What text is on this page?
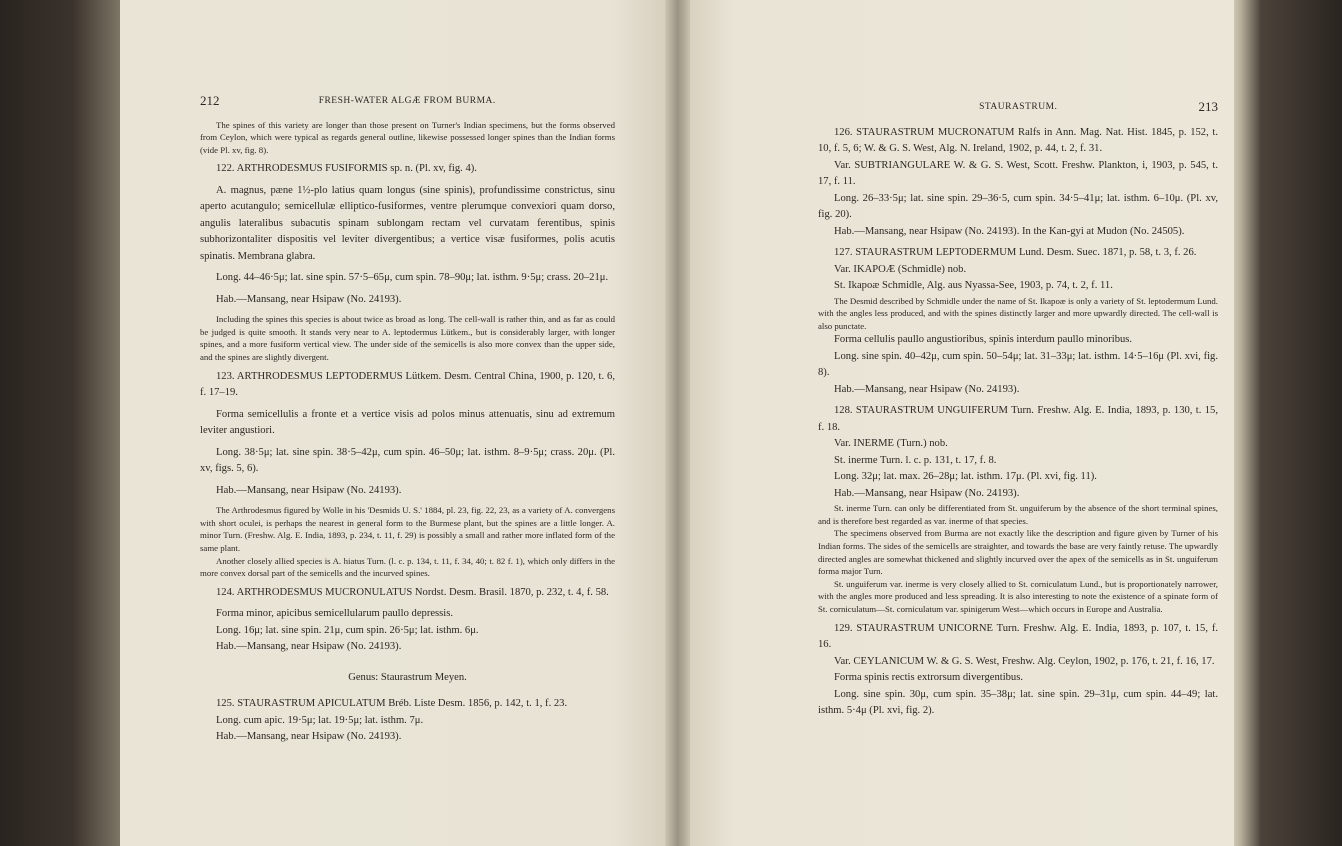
212	FRESH-WATER ALGÆ FROM BURMA.

The spines of this variety are longer than those present on Turner's Indian specimens, but the forms observed from Ceylon, which were typical as regards general outline, likewise possessed longer spines than the Indian forms (vide Pl. xv, fig. 8).

122. ARTHRODESMUS FUSIFORMIS sp. n. (Pl. xv, fig. 4).

A. magnus, pæne 1½-plo latius quam longus (sine spinis), profundissime constrictus, sinu aperto acutangulo; semicellulæ elliptico-fusiformes, ventre plerumque convexiori quam dorso, angulis lateralibus subacutis spinam sublongam rectam vel curvatam ferentibus, spinis subhorizontaliter dispositis vel leviter divergentibus; a vertice visæ fusiformes, polis acutis spinatis. Membrana glabra.

Long. 44–46·5μ; lat. sine spin. 57·5–65μ, cum spin. 78–90μ; lat. isthm. 9·5μ; crass. 20–21μ.

Hab.—Mansang, near Hsipaw (No. 24193).

Including the spines this species is about twice as broad as long. The cell-wall is rather thin, and as far as could be judged is quite smooth. It stands very near to A. leptodermus Lütkem., but is considerably larger, with longer spines, and a more fusiform vertical view. The under side of the semicells is also more convex than the upper side, and the spines are slightly divergent.

123. ARTHRODESMUS LEPTODERMUS Lütkem. Desm. Central China, 1900, p. 120, t. 6, f. 17–19.

Forma semicellulis a fronte et a vertice visis ad polos minus attenuatis, sinu ad extremum leviter angustiori.

Long. 38·5μ; lat. sine spin. 38·5–42μ, cum spin. 46–50μ; lat. isthm. 8–9·5μ; crass. 20μ. (Pl. xv, figs. 5, 6).

Hab.—Mansang, near Hsipaw (No. 24193).

The Arthrodesmus figured by Wolle in his 'Desmids U. S.' 1884, pl. 23, fig. 22, 23, as a variety of A. convergens with short oculei, is perhaps the nearest in general form to the Burmese plant, but the spines are a little longer. A. minor Turn. (Freshw. Alg. E. India, 1893, p. 234, t. 11, f. 29) is possibly a small and rather more inflated form of the same plant.

Another closely allied species is A. hiatus Turn. (l. c. p. 134, t. 11, f. 34, 40; t. 82 f. 1), which only differs in the more convex dorsal part of the semicells and the incurved spines.

124. ARTHRODESMUS MUCRONULATUS Nordst. Desm. Brasil. 1870, p. 232, t. 4, f. 58.

Forma minor, apicibus semicellularum paullo depressis.

Long. 16μ; lat. sine spin. 21μ, cum spin. 26·5μ; lat. isthm. 6μ.

Hab.—Mansang, near Hsipaw (No. 24193).

Genus: Staurastrum Meyen.

125. STAURASTRUM APICULATUM Bréb. Liste Desm. 1856, p. 142, t. 1, f. 23.

Long. cum apic. 19·5μ; lat. 19·5μ; lat. isthm. 7μ.

Hab.—Mansang, near Hsipaw (No. 24193).

STAURASTRUM.	213

126. STAURASTRUM MUCRONATUM Ralfs in Ann. Mag. Nat. Hist. 1845, p. 152, t. 10, f. 5, 6; W. & G. S. West, Alg. N. Ireland, 1902, p. 44, t. 2, f. 31.

Var. SUBTRIANGULARE W. & G. S. West, Scott. Freshw. Plankton, i, 1903, p. 545, t. 17, f. 11.

Long. 26–33·5μ; lat. sine spin. 29–36·5, cum spin. 34·5–41μ; lat. isthm. 6–10μ. (Pl. xv, fig. 20).

Hab.—Mansang, near Hsipaw (No. 24193). In the Kan-gyi at Mudon (No. 24505).

127. STAURASTRUM LEPTODERMUM Lund. Desm. Suec. 1871, p. 58, t. 3, f. 26.

Var. IKAPOÆ (Schmidle) nob.

St. Ikapoæ Schmidle, Alg. aus Nyassa-See, 1903, p. 74, t. 2, f. 11.

The Desmid described by Schmidle under the name of St. Ikapoæ is only a variety of St. leptodermum Lund. with the angles less produced, and with the spines distinctly larger and more upwardly directed. The cell-wall is also punctate.

Forma cellulis paullo angustioribus, spinis interdum paullo minoribus.

Long. sine spin. 40–42μ, cum spin. 50–54μ; lat. 31–33μ; lat. isthm. 14·5–16μ (Pl. xvi, fig. 8).

Hab.—Mansang, near Hsipaw (No. 24193).

128. STAURASTRUM UNGUIFERUM Turn. Freshw. Alg. E. India, 1893, p. 130, t. 15, f. 18.

Var. INERME (Turn.) nob.

St. inerme Turn. l. c. p. 131, t. 17, f. 8.

Long. 32μ; lat. max. 26–28μ; lat. isthm. 17μ. (Pl. xvi, fig. 11).

Hab.—Mansang, near Hsipaw (No. 24193).

St. inerme Turn. can only be differentiated from St. unguiferum by the absence of the short terminal spines, and is therefore best regarded as var. inerme of that species.

The specimens observed from Burma are not exactly like the description and figure given by Turner of his Indian forms. The sides of the semicells are straighter, and towards the base are very faintly retuse. The upwardly directed angles are somewhat thickened and slightly incurved over the apex of the semicells as in St. unguiferum forma major Turn.

St. unguiferum var. inerme is very closely allied to St. corniculatum Lund., but is proportionately narrower, with the angles more produced and less spreading. It is also interesting to note the existence of a spinate form of St. corniculatum—St. corniculatum var. spinigerum West—which occurs in Europe and Australia.

129. STAURASTRUM UNICORNE Turn. Freshw. Alg. E. India, 1893, p. 107, t. 15, f. 16.

Var. CEYLANICUM W. & G. S. West, Freshw. Alg. Ceylon, 1902, p. 176, t. 21, f. 16, 17.

Forma spinis rectis extrorsum divergentibus.

Long. sine spin. 30μ, cum spin. 35–38μ; lat. sine spin. 29–31μ, cum spin. 44–49; lat. isthm. 5·4μ (Pl. xvi, fig. 2).
